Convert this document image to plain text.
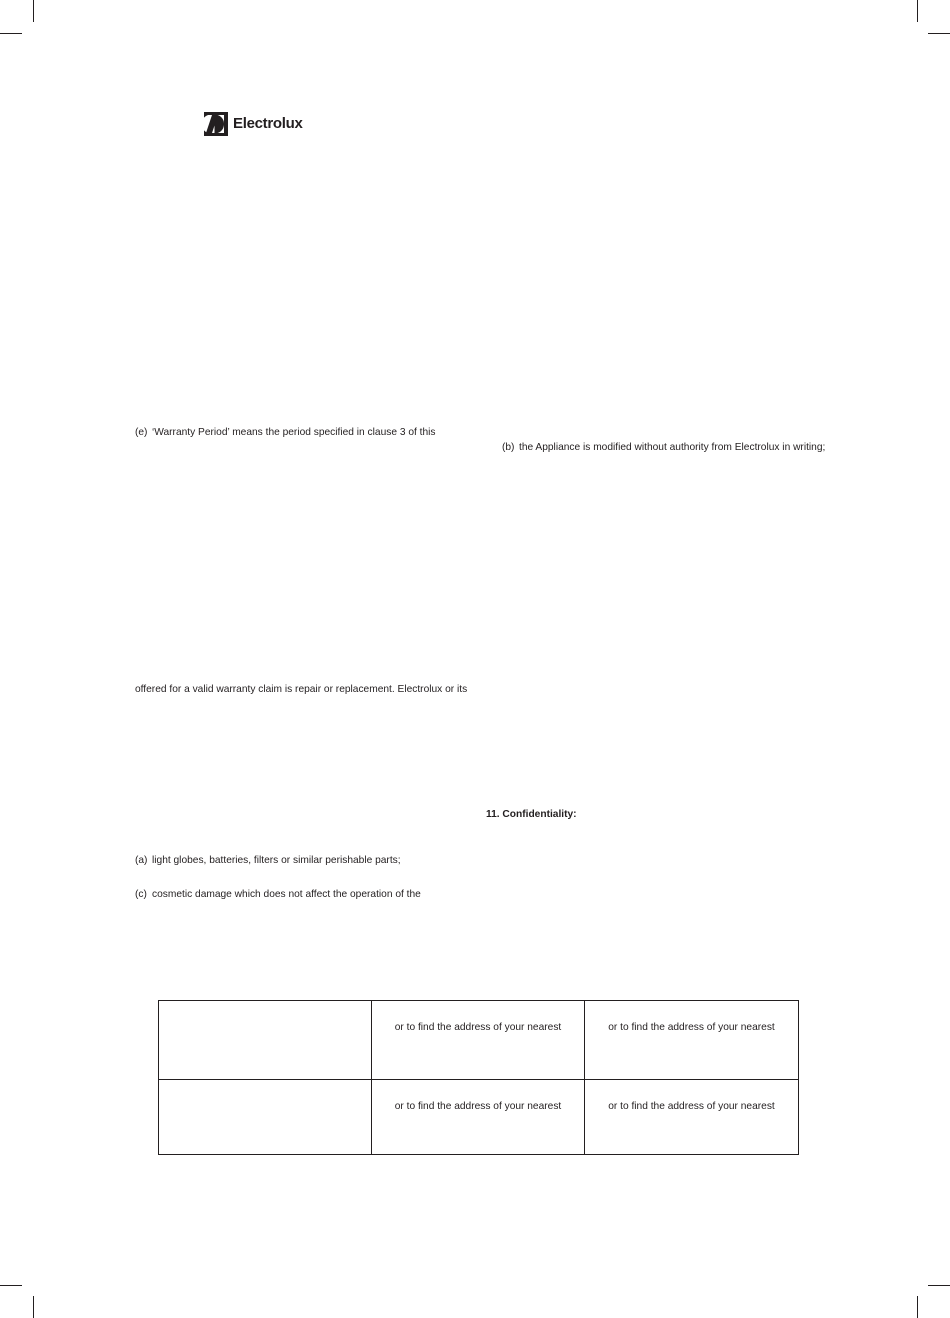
Electrolux
(e) ‘Warranty Period’ means the period specified in clause 3 of this
(b) the Appliance is modified without authority from Electrolux in writing;
offered for a valid warranty claim is repair or replacement. Electrolux or its
11. Confidentiality:
(a) light globes, batteries, filters or similar perishable parts;
(c) cosmetic damage which does not affect the operation of the
	or to find the address of your nearest	or to find the address of your nearest
	or to find the address of your nearest	or to find the address of your nearest
